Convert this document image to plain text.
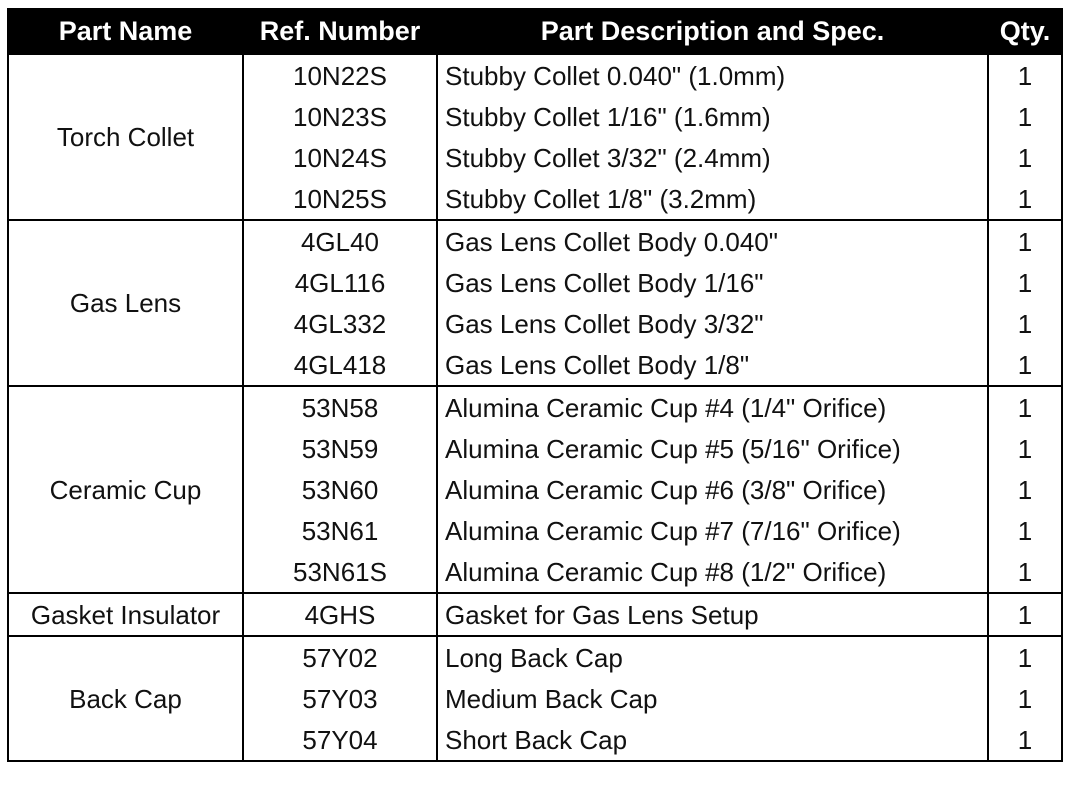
Part Name	Ref. Number	Part Description and Spec.	Qty.
Torch Collet	10N22S	Stubby Collet 0.040" (1.0mm)	1
	10N23S	Stubby Collet 1/16" (1.6mm)	1
	10N24S	Stubby Collet 3/32" (2.4mm)	1
	10N25S	Stubby Collet 1/8" (3.2mm)	1
Gas Lens	4GL40	Gas Lens Collet Body 0.040"	1
	4GL116	Gas Lens Collet Body 1/16"	1
	4GL332	Gas Lens Collet Body 3/32"	1
	4GL418	Gas Lens Collet Body 1/8"	1
Ceramic Cup	53N58	Alumina Ceramic Cup #4 (1/4" Orifice)	1
	53N59	Alumina Ceramic Cup #5 (5/16" Orifice)	1
	53N60	Alumina Ceramic Cup #6 (3/8" Orifice)	1
	53N61	Alumina Ceramic Cup #7 (7/16" Orifice)	1
	53N61S	Alumina Ceramic Cup #8 (1/2" Orifice)	1
Gasket Insulator	4GHS	Gasket for Gas Lens Setup	1
Back Cap	57Y02	Long Back Cap	1
	57Y03	Medium Back Cap	1
	57Y04	Short Back Cap	1
